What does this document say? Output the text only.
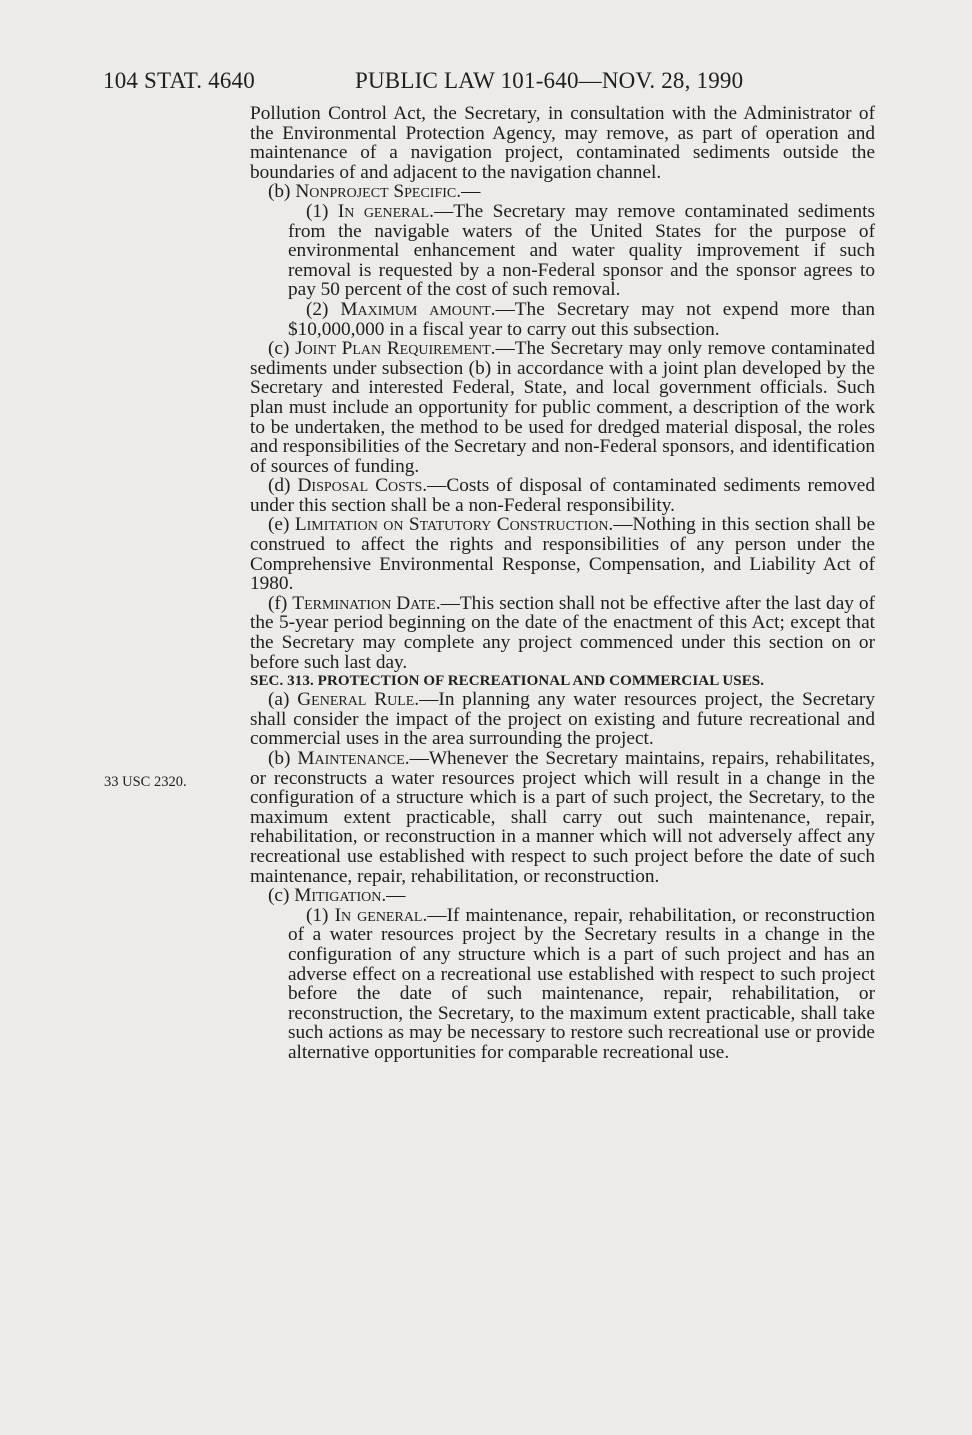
104 STAT. 4640	PUBLIC LAW 101-640—NOV. 28, 1990
33 USC 2320.

Pollution Control Act, the Secretary, in consultation with the Administrator of the Environmental Protection Agency, may remove, as part of operation and maintenance of a navigation project, contaminated sediments outside the boundaries of and adjacent to the navigation channel.

(b) Nonproject Specific.—

(1) In general.—The Secretary may remove contaminated sediments from the navigable waters of the United States for the purpose of environmental enhancement and water quality improvement if such removal is requested by a non-Federal sponsor and the sponsor agrees to pay 50 percent of the cost of such removal.

(2) Maximum amount.—The Secretary may not expend more than $10,000,000 in a fiscal year to carry out this subsection.

(c) Joint Plan Requirement.—The Secretary may only remove contaminated sediments under subsection (b) in accordance with a joint plan developed by the Secretary and interested Federal, State, and local government officials. Such plan must include an opportunity for public comment, a description of the work to be undertaken, the method to be used for dredged material disposal, the roles and responsibilities of the Secretary and non-Federal sponsors, and identification of sources of funding.

(d) Disposal Costs.—Costs of disposal of contaminated sediments removed under this section shall be a non-Federal responsibility.

(e) Limitation on Statutory Construction.—Nothing in this section shall be construed to affect the rights and responsibilities of any person under the Comprehensive Environmental Response, Compensation, and Liability Act of 1980.

(f) Termination Date.—This section shall not be effective after the last day of the 5-year period beginning on the date of the enactment of this Act; except that the Secretary may complete any project commenced under this section on or before such last day.

SEC. 313. PROTECTION OF RECREATIONAL AND COMMERCIAL USES.

(a) General Rule.—In planning any water resources project, the Secretary shall consider the impact of the project on existing and future recreational and commercial uses in the area surrounding the project.

(b) Maintenance.—Whenever the Secretary maintains, repairs, rehabilitates, or reconstructs a water resources project which will result in a change in the configuration of a structure which is a part of such project, the Secretary, to the maximum extent practicable, shall carry out such maintenance, repair, rehabilitation, or reconstruction in a manner which will not adversely affect any recreational use established with respect to such project before the date of such maintenance, repair, rehabilitation, or reconstruction.

(c) Mitigation.—

(1) In general.—If maintenance, repair, rehabilitation, or reconstruction of a water resources project by the Secretary results in a change in the configuration of any structure which is a part of such project and has an adverse effect on a recreational use established with respect to such project before the date of such maintenance, repair, rehabilitation, or reconstruction, the Secretary, to the maximum extent practicable, shall take such actions as may be necessary to restore such recreational use or provide alternative opportunities for comparable recreational use.
